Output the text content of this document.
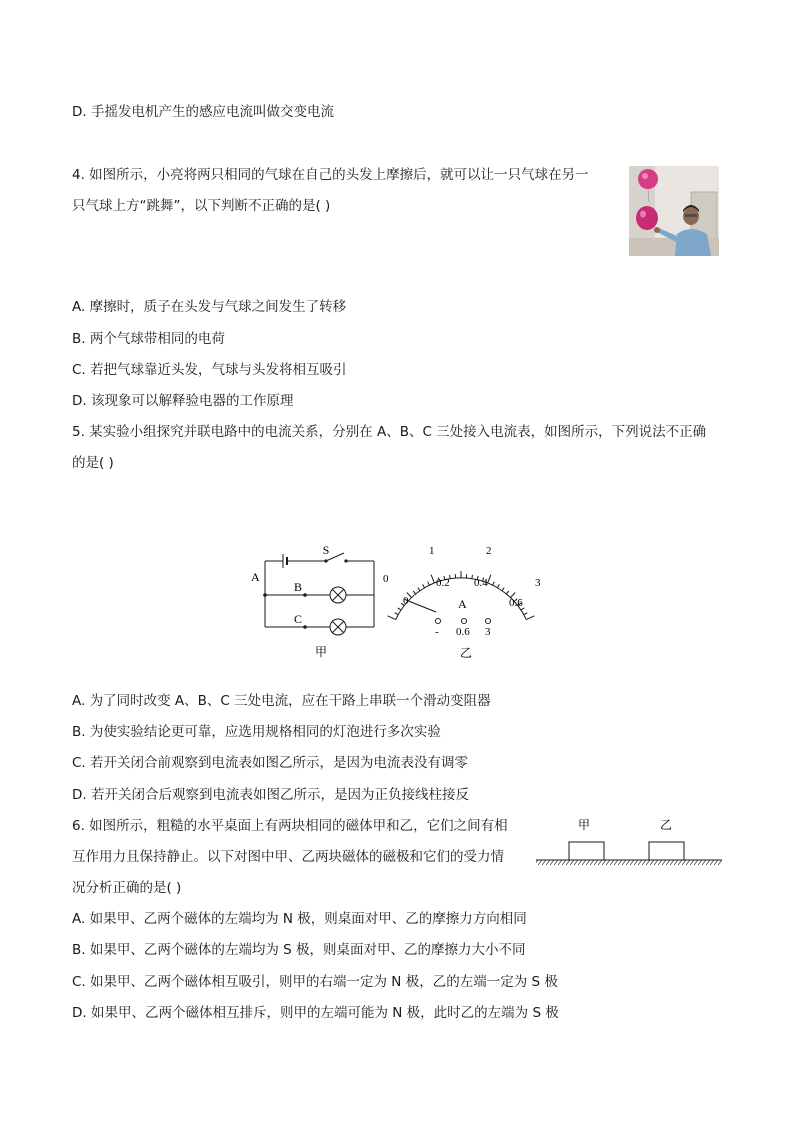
D. 手摇发电机产生的感应电流叫做交变电流
4. 如图所示，小亮将两只相同的气球在自己的头发上摩擦后，就可以让一只气球在另一
只气球上方“跳舞”，以下判断不正确的是( )
A. 摩擦时，质子在头发与气球之间发生了转移
B. 两个气球带相同的电荷
C. 若把气球靠近头发，气球与头发将相互吸引
D. 该现象可以解释验电器的工作原理
5. 某实验小组探究并联电路中的电流关系，分别在 A、B、C 三处接入电流表，如图所示，下列说法不正确
的是( )
S
A
B
C
甲
0
1	2
3
0
0.2 0.4
0.6
A
- 0.6 3
乙
A. 为了同时改变 A、B、C 三处电流，应在干路上串联一个滑动变阻器
B. 为使实验结论更可靠，应选用规格相同的灯泡进行多次实验
C. 若开关闭合前观察到电流表如图乙所示，是因为电流表没有调零
D. 若开关闭合后观察到电流表如图乙所示，是因为正负接线柱接反
6. 如图所示，粗糙的水平桌面上有两块相同的磁体甲和乙，它们之间有相
互作用力且保持静止。以下对图中甲、乙两块磁体的磁极和它们的受力情
况分析正确的是( )
甲	乙
A. 如果甲、乙两个磁体的左端均为 N 极，则桌面对甲、乙的摩擦力方向相同
B. 如果甲、乙两个磁体的左端均为 S 极，则桌面对甲、乙的摩擦力大小不同
C. 如果甲、乙两个磁体相互吸引，则甲的右端一定为 N 极，乙的左端一定为 S 极
D. 如果甲、乙两个磁体相互排斥，则甲的左端可能为 N 极，此时乙的左端为 S 极
